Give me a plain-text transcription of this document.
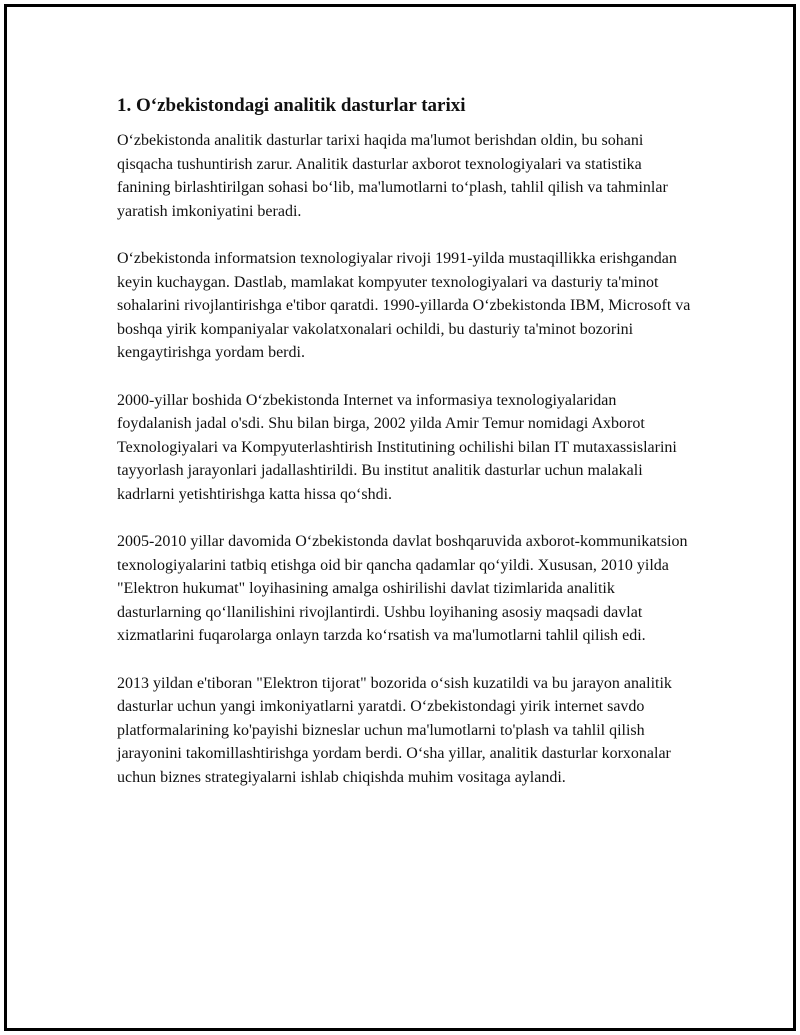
1. O‘zbekistondagi analitik dasturlar tarixi

O‘zbekistonda analitik dasturlar tarixi haqida ma'lumot berishdan oldin, bu sohani qisqacha tushuntirish zarur. Analitik dasturlar axborot texnologiyalari va statistika fanining birlashtirilgan sohasi bo‘lib, ma'lumotlarni to‘plash, tahlil qilish va tahminlar yaratish imkoniyatini beradi.

O‘zbekistonda informatsion texnologiyalar rivoji 1991-yilda mustaqillikka erishgandan keyin kuchaygan. Dastlab, mamlakat kompyuter texnologiyalari va dasturiy ta'minot sohalarini rivojlantirishga e'tibor qaratdi. 1990-yillarda O‘zbekistonda IBM, Microsoft va boshqa yirik kompaniyalar vakolatxonalari ochildi, bu dasturiy ta'minot bozorini kengaytirishga yordam berdi.

2000-yillar boshida O‘zbekistonda Internet va informasiya texnologiyalaridan foydalanish jadal o'sdi. Shu bilan birga, 2002 yilda Amir Temur nomidagi Axborot Texnologiyalari va Kompyuterlashtirish Institutining ochilishi bilan IT mutaxassislarini tayyorlash jarayonlari jadallashtirildi. Bu institut analitik dasturlar uchun malakali kadrlarni yetishtirishga katta hissa qo‘shdi.

2005-2010 yillar davomida O‘zbekistonda davlat boshqaruvida axborot-kommunikatsion texnologiyalarini tatbiq etishga oid bir qancha qadamlar qo‘yildi. Xususan, 2010 yilda "Elektron hukumat" loyihasining amalga oshirilishi davlat tizimlarida analitik dasturlarning qo‘llanilishini rivojlantirdi. Ushbu loyihaning asosiy maqsadi davlat xizmatlarini fuqarolarga onlayn tarzda ko‘rsatish va ma'lumotlarni tahlil qilish edi.

2013 yildan e'tiboran "Elektron tijorat" bozorida o‘sish kuzatildi va bu jarayon analitik dasturlar uchun yangi imkoniyatlarni yaratdi. O‘zbekistondagi yirik internet savdo platformalarining ko'payishi bizneslar uchun ma'lumotlarni to'plash va tahlil qilish jarayonini takomillashtirishga yordam berdi. O‘sha yillar, analitik dasturlar korxonalar uchun biznes strategiyalarni ishlab chiqishda muhim vositaga aylandi.
